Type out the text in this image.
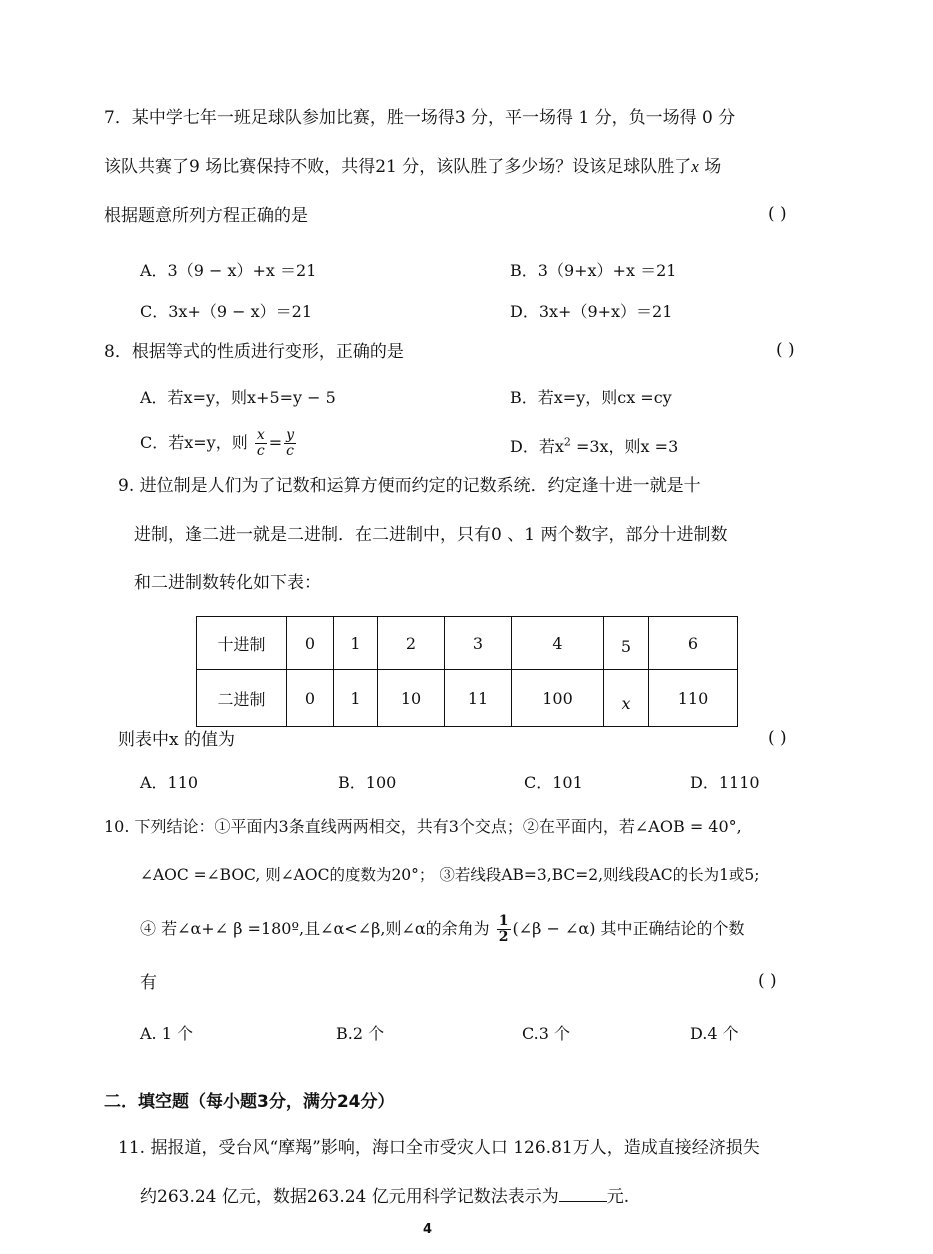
7．某中学七年一班足球队参加比赛，胜一场得3 分，平一场得 1 分，负一场得 0 分
该队共赛了9 场比赛保持不败，共得21 分，该队胜了多少场？设该足球队胜了x 场
根据题意所列方程正确的是	( )
A．3（9 − x）+x ＝21	B．3（9+x）+x ＝21
C．3x+（9 − x）＝21	D．3x+（9+x）＝21
8．根据等式的性质进行变形，正确的是	( )
A．若x=y，则x+5=y − 5	B．若x=y，则cx =cy
C．若x=y，则 $\frac{x}{c} = \frac{y}{c}$	D．若$x^2 =3x$，则x =3
9. 进位制是人们为了记数和运算方便而约定的记数系统．约定逢十进一就是十
进制，逢二进一就是二进制．在二进制中，只有0 、1 两个数字，部分十进制数
和二进制数转化如下表：
十进制	0	1	2	3	4	5	6
二进制	0	1	10	11	100	x	110
则表中x 的值为	( )
A．110	B．100	C．101	D．1110
10. 下列结论：①平面内3条直线两两相交，共有3个交点；②在平面内，若∠AOB = 40°,
∠AOC =∠BOC, 则∠AOC的度数为20°； ③若线段AB=3,BC=2,则线段AC的长为1或5;
④ 若∠α+∠ β =180º,且∠α<∠β,则∠α的余角为 $\frac{1}{2}$ (∠β − ∠α) 其中正确结论的个数
有	( )
A. 1 个	B.2 个	C.3 个	D.4 个
二．填空题（每小题3分，满分24分）
11. 据报道，受台风“摩羯”影响，海口全市受灾人口 126.81万人，造成直接经济损失
约263.24 亿元，数据263.24 亿元用科学记数法表示为	元.
4
